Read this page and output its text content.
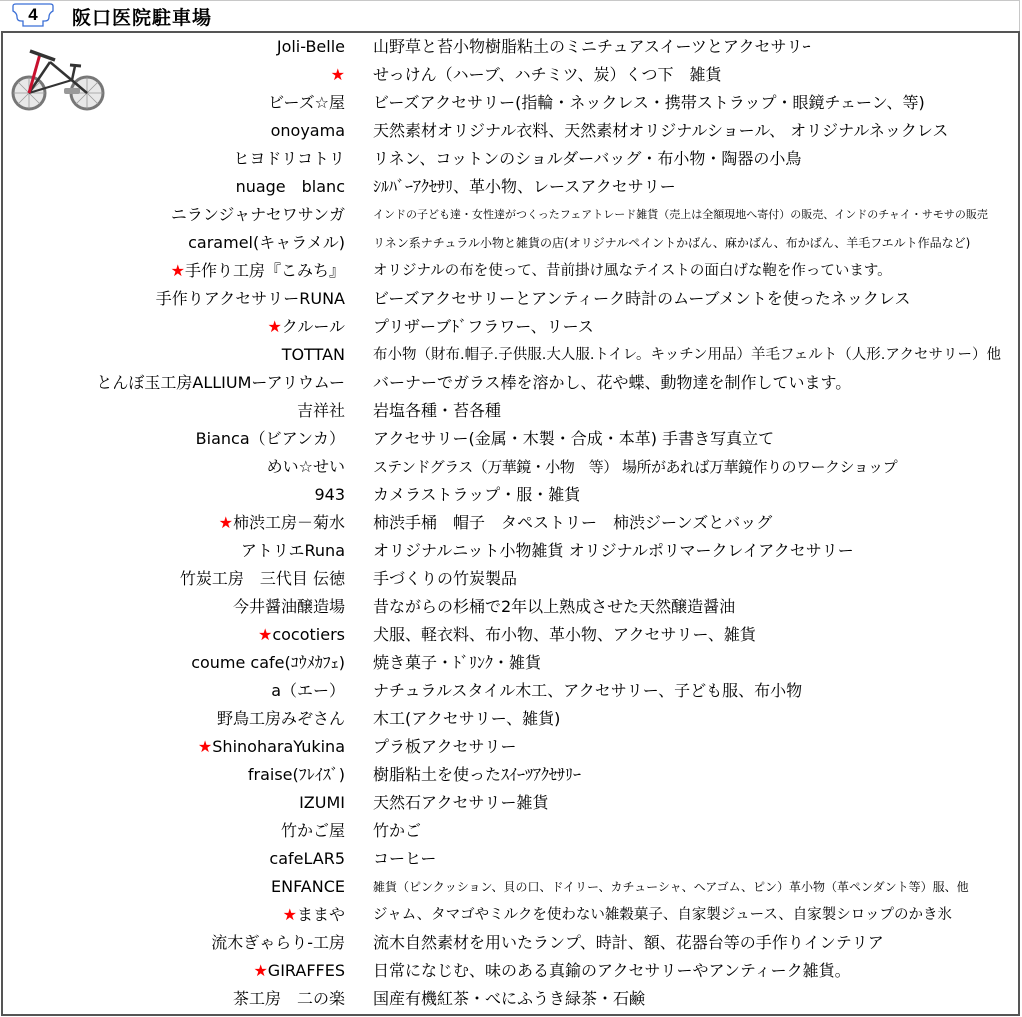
4	阪口医院駐車場
Joli-Belle 山野草と苔小物樹脂粘土のミニチュアスイーツとアクセサリｰ
★ せっけん（ハーブ、ハチミツ、炭）くつ下　雑貨
ビーズ☆屋 ビーズアクセサリー(指輪・ネックレス・携帯ストラップ・眼鏡チェーン、等)
onoyama 天然素材オリジナル衣料、天然素材オリジナルショール、 オリジナルネックレス
ヒヨドリコトリ リネン、コットンのショルダーバッグ・布小物・陶器の小鳥
nuage　blanc ｼﾙﾊﾞｰｱｸｾｻﾘ、革小物、レースアクセサリー
ニランジャナセワサンガ	インドの子ども達・女性達がつくったフェアトレード雑貨（売上は全額現地へ寄付）の販売、インドのチャイ・サモサの販売
caramel(キャラメル) リネン系ナチュラル小物と雑貨の店(オリジナルペイントかばん、麻かばん、布かばん、羊毛フエルト作品など)
★手作り工房『こみち』 オリジナルの布を使って、昔前掛け風なテイストの面白げな鞄を作っています。
手作りアクセサリーRUNA ビーズアクセサリーとアンティーク時計のムーブメントを使ったネックレス
★クルール プリザーブﾄﾞフラワー、リース
TOTTAN 布小物（財布.帽子.子供服.大人服.トイレ。キッチン用品）羊毛フェルト（人形.アクセサリー）他
とんぼ玉工房ALLIUMーアリウムー バーナーでガラス棒を溶かし、花や蝶、動物達を制作しています。
吉祥社 岩塩各種・苔各種
Bianca（ビアンカ） アクセサリー(金属・木製・合成・本革) 手書き写真立て
めい☆せい ステンドグラス（万華鏡・小物　等） 場所があれば万華鏡作りのワークショップ
943 カメラストラップ・服・雑貨
★柿渋工房－菊水 柿渋手桶　帽子　タペストリー　柿渋ジーンズとバッグ
アトリエRuna オリジナルニット小物雑貨 オリジナルポリマークレイアクセサリー
竹炭工房　三代目 伝徳 手づくりの竹炭製品
今井醤油醸造場 昔ながらの杉桶で2年以上熟成させた天然醸造醤油
★cocotiers 犬服、軽衣料、布小物、革小物、アクセサリー、雑貨
coume cafe(ｺｳﾒｶﾌｪ) 焼き菓子・ﾄﾞﾘﾝｸ・雑貨
a（エー） ナチュラルスタイル木工、アクセサリー、子ども服、布小物
野鳥工房みぞさん 木工(アクセサリー、雑貨)
★ShinoharaYukina プラ板アクセサリー
fraise(ﾌﾚｲｽﾞ) 樹脂粘土を使ったｽｲｰﾂｱｸｾｻﾘｰ
IZUMI 天然石アクセサリー雑貨
竹かご屋 竹かご
cafeLAR5 コーヒー
ENFANCE 雑貨（ピンクッション、貝の口、ドイリー、カチューシャ、ヘアゴム、ピン）革小物（革ペンダント等）服、他
★ままや ジャム、タマゴやミルクを使わない雑穀菓子、自家製ジュース、自家製シロップのかき氷
流木ぎゃらり-工房 流木自然素材を用いたランプ、時計、額、花器台等の手作りインテリア
★GIRAFFES 日常になじむ、味のある真鍮のアクセサリーやアンティーク雑貨。
茶工房　二の楽 国産有機紅茶・べにふうき緑茶・石鹸
